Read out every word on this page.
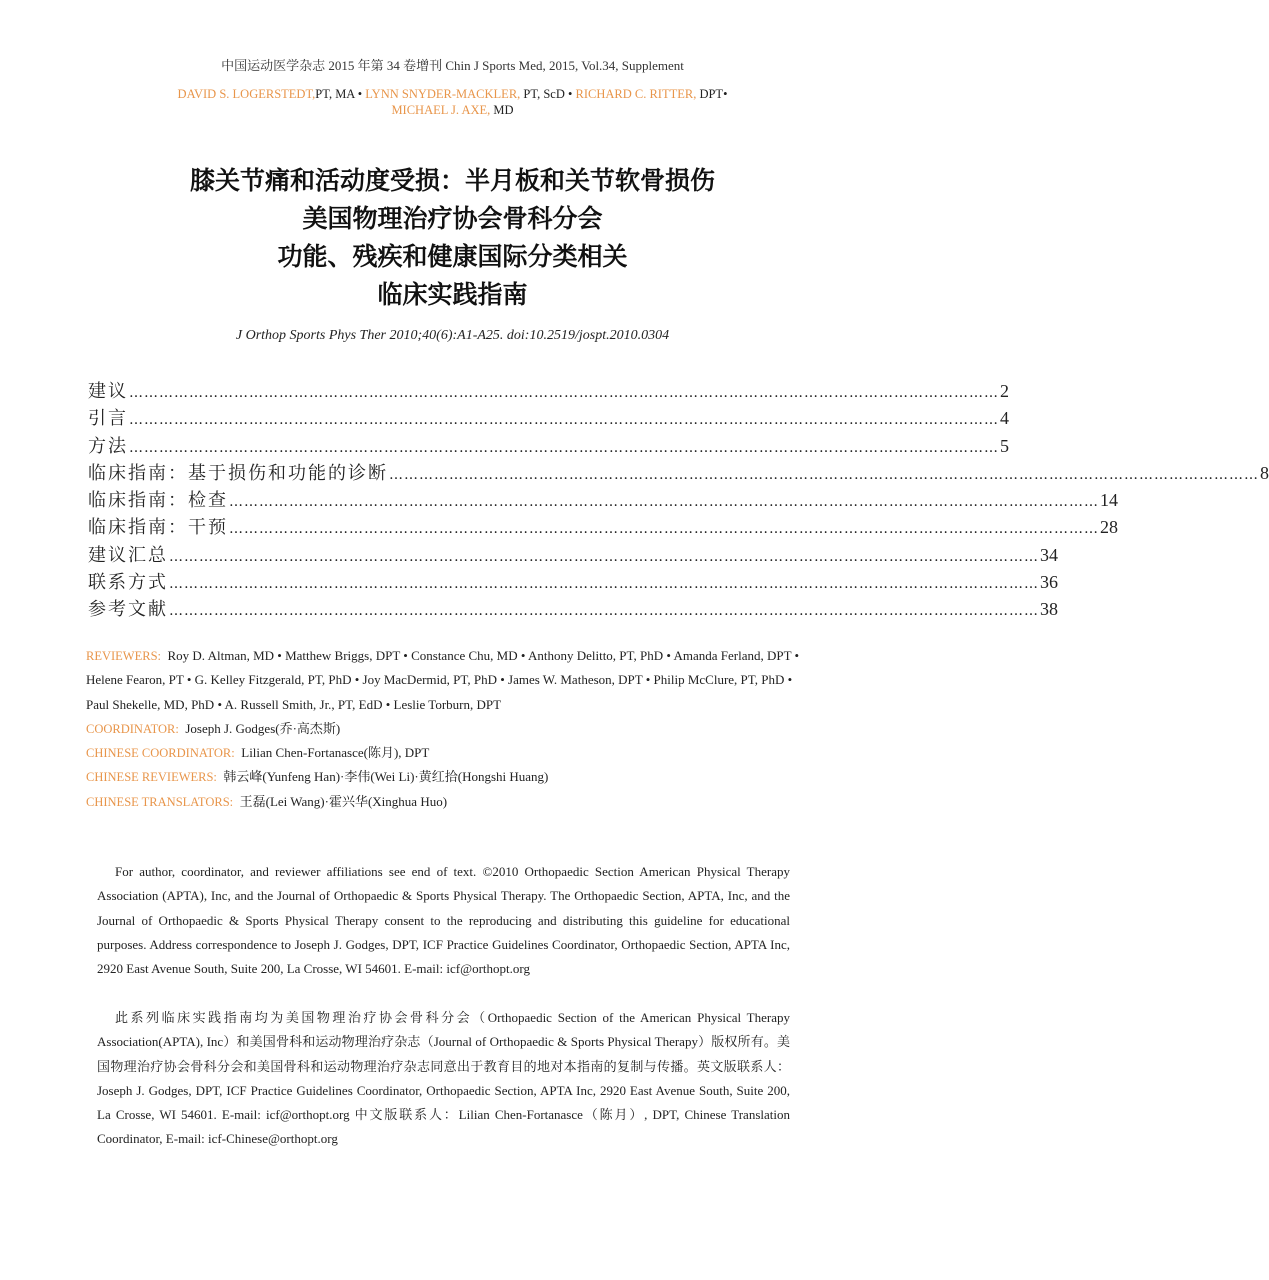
中国运动医学杂志 2015 年第 34 卷增刊 Chin J Sports Med, 2015, Vol.34, Supplement
DAVID S. LOGERSTEDT,PT, MA • LYNN SNYDER-MACKLER, PT, ScD • RICHARD C. RITTER, DPT•
MICHAEL J. AXE, MD
膝关节痛和活动度受损：半月板和关节软骨损伤
美国物理治疗协会骨科分会
功能、残疾和健康国际分类相关
临床实践指南
J Orthop Sports Phys Ther 2010;40(6):A1-A25. doi:10.2519/jospt.2010.0304
建议 ………………………………………………………………………………………………………………………………………………………… 2
引言 ………………………………………………………………………………………………………………………………………………………… 4
方法 ………………………………………………………………………………………………………………………………………………………… 5
临床指南：基于损伤和功能的诊断 ………………………………………………………………………………………………………………………………………………………… 8
临床指南：检查 ………………………………………………………………………………………………………………………………………………………… 14
临床指南：干预 ………………………………………………………………………………………………………………………………………………………… 28
建议汇总 ………………………………………………………………………………………………………………………………………………………… 34
联系方式 ………………………………………………………………………………………………………………………………………………………… 36
参考文献 ………………………………………………………………………………………………………………………………………………………… 38
REVIEWERS: Roy D. Altman, MD • Matthew Briggs, DPT • Constance Chu, MD • Anthony Delitto, PT, PhD • Amanda Ferland, DPT • Helene Fearon, PT • G. Kelley Fitzgerald, PT, PhD • Joy MacDermid, PT, PhD • James W. Matheson, DPT • Philip McClure, PT, PhD • Paul Shekelle, MD, PhD • A. Russell Smith, Jr., PT, EdD • Leslie Torburn, DPT
COORDINATOR: Joseph J. Godges(乔·高杰斯)
CHINESE COORDINATOR: Lilian Chen-Fortanasce(陈月), DPT
CHINESE REVIEWERS: 韩云峰(Yunfeng Han)·李伟(Wei Li)·黄红拾(Hongshi Huang)
CHINESE TRANSLATORS: 王磊(Lei Wang)·霍兴华(Xinghua Huo)
For author, coordinator, and reviewer affiliations see end of text. ©2010 Orthopaedic Section American Physical Therapy Association (APTA), Inc, and the Journal of Orthopaedic & Sports Physical Therapy. The Orthopaedic Section, APTA, Inc, and the Journal of Orthopaedic & Sports Physical Therapy consent to the reproducing and distributing this guideline for educational purposes. Address correspondence to Joseph J. Godges, DPT, ICF Practice Guidelines Coordinator, Orthopaedic Section, APTA Inc, 2920 East Avenue South, Suite 200, La Crosse, WI 54601. E-mail: icf@orthopt.org
此系列临床实践指南均为美国物理治疗协会骨科分会（Orthopaedic Section of the American Physical Therapy Association(APTA), Inc）和美国骨科和运动物理治疗杂志（Journal of Orthopaedic & Sports Physical Therapy）版权所有。美国物理治疗协会骨科分会和美国骨科和运动物理治疗杂志同意出于教育目的地对本指南的复制与传播。英文版联系人：Joseph J. Godges, DPT, ICF Practice Guidelines Coordinator, Orthopaedic Section, APTA Inc, 2920 East Avenue South, Suite 200, La Crosse, WI 54601. E-mail: icf@orthopt.org 中文版联系人：Lilian Chen-Fortanasce（陈月）, DPT, Chinese Translation Coordinator, E-mail: icf-Chinese@orthopt.org
